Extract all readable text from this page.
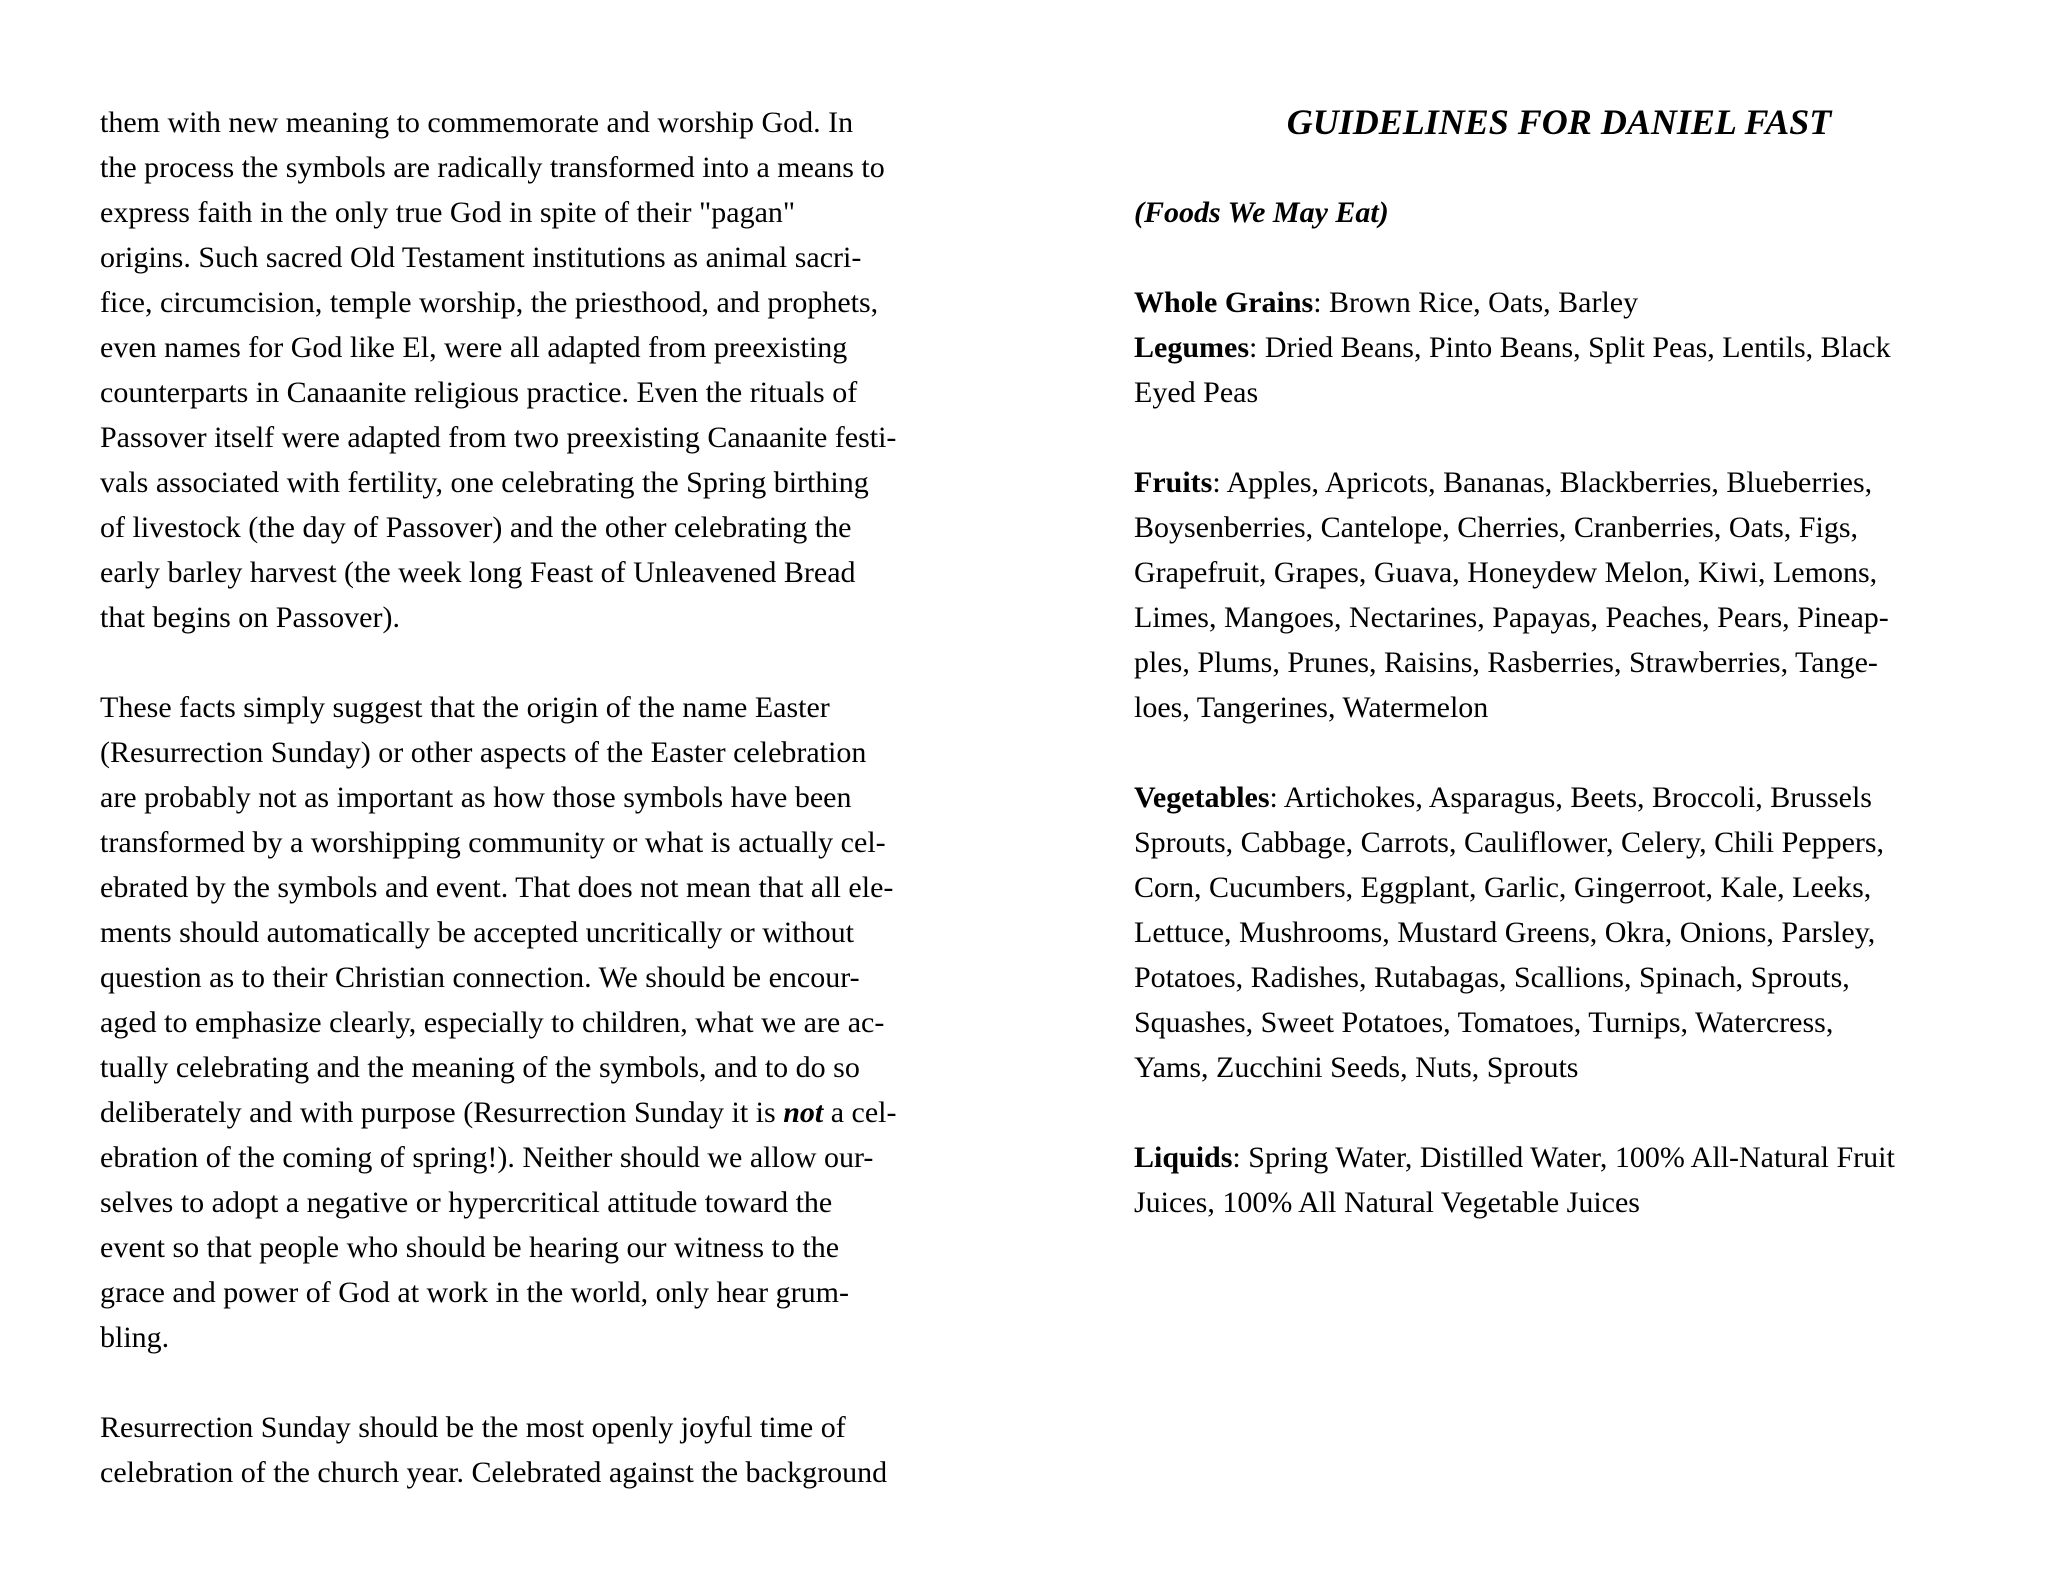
them with new meaning to commemorate and worship God. In
the process the symbols are radically transformed into a means to
express faith in the only true God in spite of their "pagan"
origins. Such sacred Old Testament institutions as animal sacri-
fice, circumcision, temple worship, the priesthood, and prophets,
even names for God like El, were all adapted from preexisting
counterparts in Canaanite religious practice. Even the rituals of
Passover itself were adapted from two preexisting Canaanite festi-
vals associated with fertility, one celebrating the Spring birthing
of livestock (the day of Passover) and the other celebrating the
early barley harvest (the week long Feast of Unleavened Bread
that begins on Passover).
These facts simply suggest that the origin of the name Easter
(Resurrection Sunday) or other aspects of the Easter celebration
are probably not as important as how those symbols have been
transformed by a worshipping community or what is actually cel-
ebrated by the symbols and event. That does not mean that all ele-
ments should automatically be accepted uncritically or without
question as to their Christian connection. We should be encour-
aged to emphasize clearly, especially to children, what we are ac-
tually celebrating and the meaning of the symbols, and to do so
deliberately and with purpose (Resurrection Sunday it is not a cel-
ebration of the coming of spring!). Neither should we allow our-
selves to adopt a negative or hypercritical attitude toward the
event so that people who should be hearing our witness to the
grace and power of God at work in the world, only hear grum-
bling.
Resurrection Sunday should be the most openly joyful time of
celebration of the church year. Celebrated against the background
GUIDELINES FOR DANIEL FAST
(Foods We May Eat)
Whole Grains: Brown Rice, Oats, Barley
Legumes: Dried Beans, Pinto Beans, Split Peas, Lentils, Black
Eyed Peas
Fruits: Apples, Apricots, Bananas, Blackberries, Blueberries,
Boysenberries, Cantelope, Cherries, Cranberries, Oats, Figs,
Grapefruit, Grapes, Guava, Honeydew Melon, Kiwi, Lemons,
Limes, Mangoes, Nectarines, Papayas, Peaches, Pears, Pineap-
ples, Plums, Prunes, Raisins, Rasberries, Strawberries, Tange-
loes, Tangerines, Watermelon
Vegetables: Artichokes, Asparagus, Beets, Broccoli, Brussels
Sprouts, Cabbage, Carrots, Cauliflower, Celery, Chili Peppers,
Corn, Cucumbers, Eggplant, Garlic, Gingerroot, Kale, Leeks,
Lettuce, Mushrooms, Mustard Greens, Okra, Onions, Parsley,
Potatoes, Radishes, Rutabagas, Scallions, Spinach, Sprouts,
Squashes, Sweet Potatoes, Tomatoes, Turnips, Watercress,
Yams, Zucchini Seeds, Nuts, Sprouts
Liquids: Spring Water, Distilled Water, 100% All-Natural Fruit
Juices, 100% All Natural Vegetable Juices
